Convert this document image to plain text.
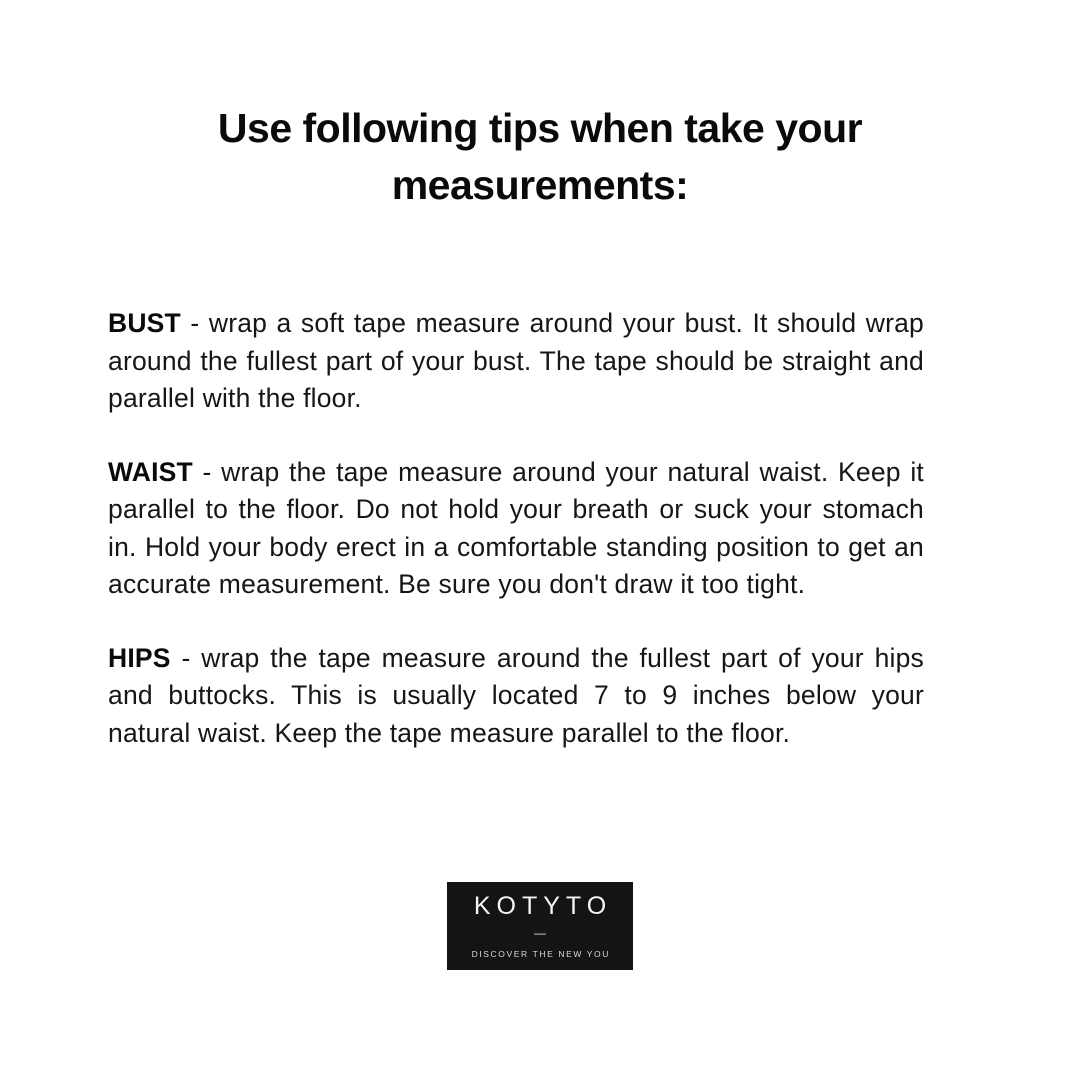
Use following tips when take your measurements:

BUST - wrap a soft tape measure around your bust. It should wrap around the fullest part of your bust. The tape should be straight and parallel with the floor.

WAIST - wrap the tape measure around your natural waist. Keep it parallel to the floor. Do not hold your breath or suck your stomach in. Hold your body erect in a comfortable standing position to get an accurate measurement. Be sure you don't draw it too tight.

HIPS - wrap the tape measure around the fullest part of your hips and buttocks. This is usually located 7 to 9 inches below your natural waist. Keep the tape measure parallel to the floor.

KOTYTO
—
DISCOVER THE NEW YOU
